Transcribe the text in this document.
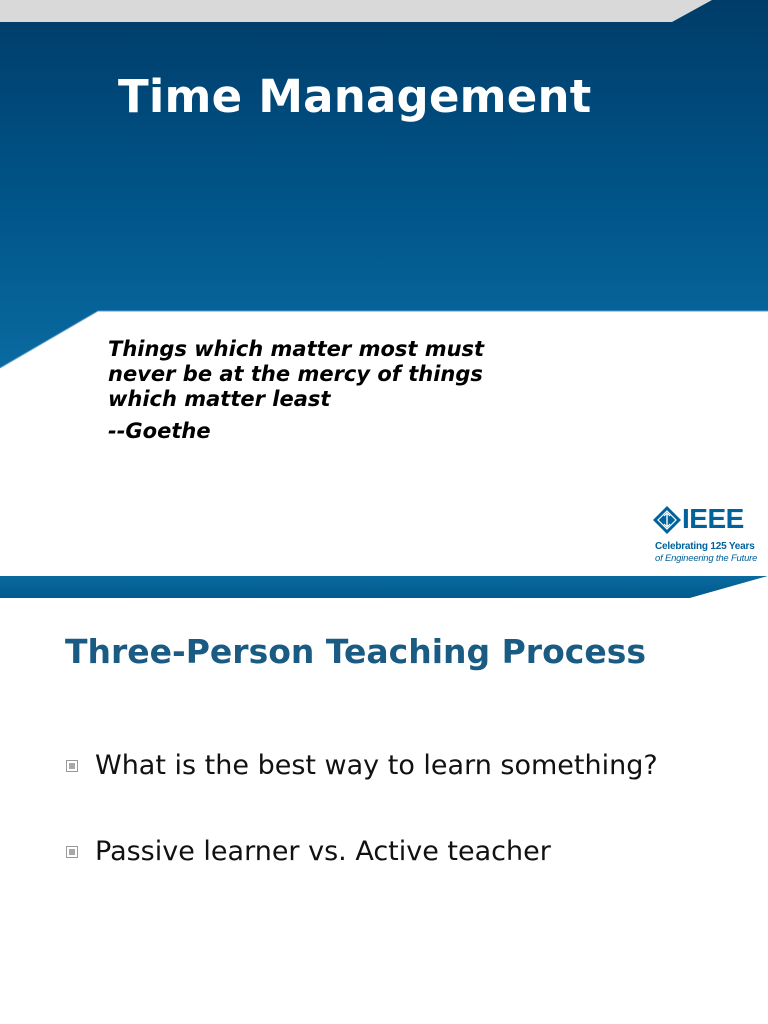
Time Management
Things which matter most must
never be at the mercy of things
which matter least
--Goethe
IEEE
Celebrating 125 Years
of Engineering the Future
Three-Person Teaching Process
What is the best way to learn something?
Passive learner vs. Active teacher
